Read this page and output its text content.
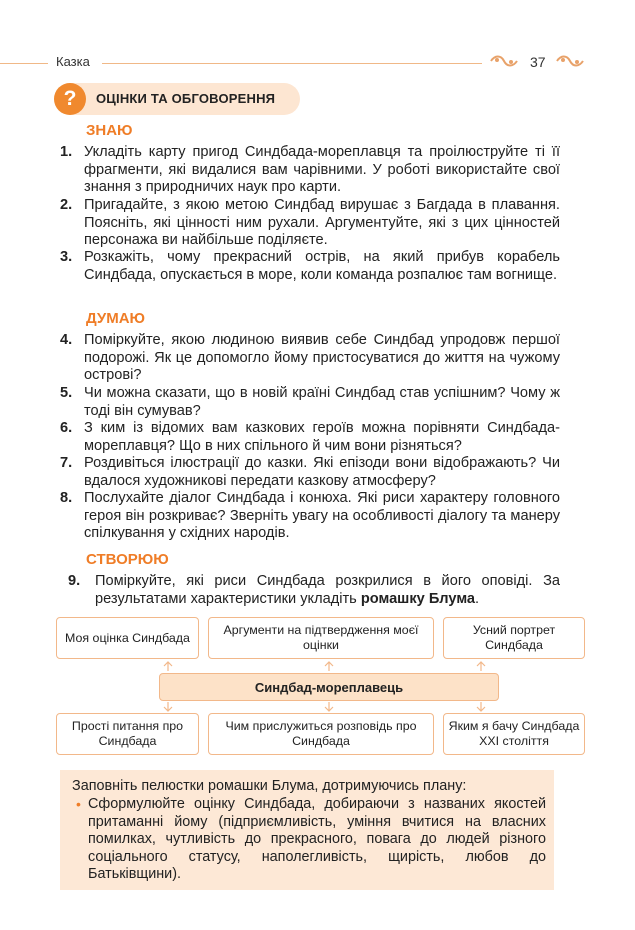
Казка	37
?	ОЦІНКИ ТА ОБГОВОРЕННЯ
ЗНАЮ
1. Укладіть карту пригод Синдбада-мореплавця та проілюструйте ті її фрагменти, які видалися вам чарівними. У роботі використайте свої знання з природничих наук про карти.
2. Пригадайте, з якою метою Синдбад вирушає з Багдада в плавання. Поясніть, які цінності ним рухали. Аргументуйте, які з цих цінностей персонажа ви найбільше поділяєте.
3. Розкажіть, чому прекрасний острів, на який прибув корабель Синдбада, опускається в море, коли команда розпалює там вогнище.
ДУМАЮ
4. Поміркуйте, якою людиною виявив себе Синдбад упродовж першої подорожі. Як це допомогло йому пристосуватися до життя на чужому острові?
5. Чи можна сказати, що в новій країні Синдбад став успішним? Чому ж тоді він сумував?
6. З ким із відомих вам казкових героїв можна порівняти Синдбада-мореплавця? Що в них спільного й чим вони різняться?
7. Роздивіться ілюстрації до казки. Які епізоди вони відображають? Чи вдалося художникові передати казкову атмосферу?
8. Послухайте діалог Синдбада і конюха. Які риси характеру головного героя він розкриває? Зверніть увагу на особливості діалогу та манеру спілкування у східних народів.
СТВОРЮЮ
9. Поміркуйте, які риси Синдбада розкрилися в його оповіді. За результатами характеристики укладіть ромашку Блума.
Моя оцінка Синдбада
Аргументи на підтвердження моєї оцінки
Усний портрет Синдбада
Синдбад-мореплавець
Прості питання про Синдбада
Чим прислужиться розповідь про Синдбада
Яким я бачу Синдбада ХХІ століття
Заповніть пелюстки ромашки Блума, дотримуючись плану:
• Сформулюйте оцінку Синдбада, добираючи з названих якостей притаманні йому (підприємливість, уміння вчитися на власних помилках, чутливість до прекрасного, повага до людей різного соціального статусу, наполегливість, щирість, любов до Батьківщини).
